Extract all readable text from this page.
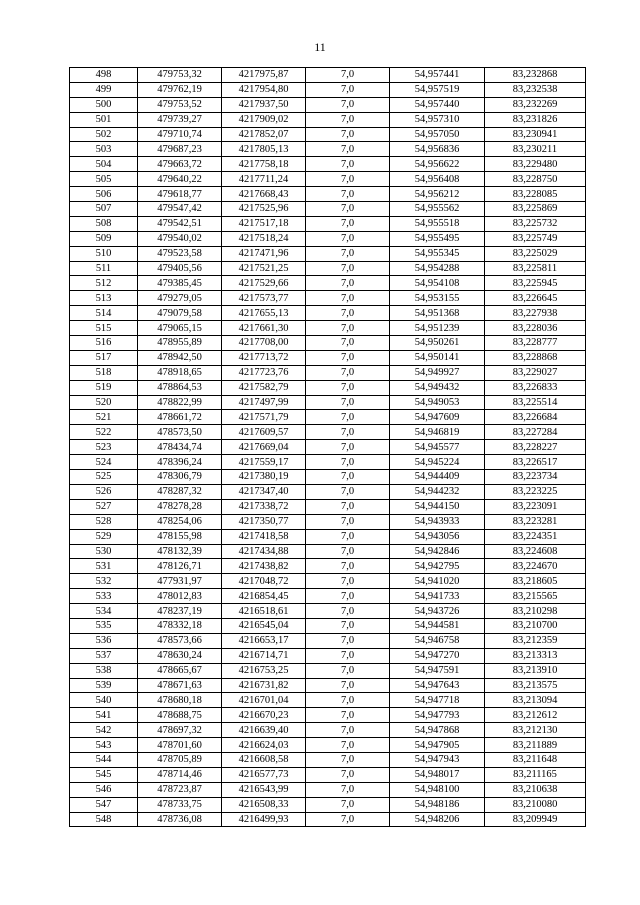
11
498	479753,32	4217975,87	7,0	54,957441	83,232868
499	479762,19	4217954,80	7,0	54,957519	83,232538
500	479753,52	4217937,50	7,0	54,957440	83,232269
501	479739,27	4217909,02	7,0	54,957310	83,231826
502	479710,74	4217852,07	7,0	54,957050	83,230941
503	479687,23	4217805,13	7,0	54,956836	83,230211
504	479663,72	4217758,18	7,0	54,956622	83,229480
505	479640,22	4217711,24	7,0	54,956408	83,228750
506	479618,77	4217668,43	7,0	54,956212	83,228085
507	479547,42	4217525,96	7,0	54,955562	83,225869
508	479542,51	4217517,18	7,0	54,955518	83,225732
509	479540,02	4217518,24	7,0	54,955495	83,225749
510	479523,58	4217471,96	7,0	54,955345	83,225029
511	479405,56	4217521,25	7,0	54,954288	83,225811
512	479385,45	4217529,66	7,0	54,954108	83,225945
513	479279,05	4217573,77	7,0	54,953155	83,226645
514	479079,58	4217655,13	7,0	54,951368	83,227938
515	479065,15	4217661,30	7,0	54,951239	83,228036
516	478955,89	4217708,00	7,0	54,950261	83,228777
517	478942,50	4217713,72	7,0	54,950141	83,228868
518	478918,65	4217723,76	7,0	54,949927	83,229027
519	478864,53	4217582,79	7,0	54,949432	83,226833
520	478822,99	4217497,99	7,0	54,949053	83,225514
521	478661,72	4217571,79	7,0	54,947609	83,226684
522	478573,50	4217609,57	7,0	54,946819	83,227284
523	478434,74	4217669,04	7,0	54,945577	83,228227
524	478396,24	4217559,17	7,0	54,945224	83,226517
525	478306,79	4217380,19	7,0	54,944409	83,223734
526	478287,32	4217347,40	7,0	54,944232	83,223225
527	478278,28	4217338,72	7,0	54,944150	83,223091
528	478254,06	4217350,77	7,0	54,943933	83,223281
529	478155,98	4217418,58	7,0	54,943056	83,224351
530	478132,39	4217434,88	7,0	54,942846	83,224608
531	478126,71	4217438,82	7,0	54,942795	83,224670
532	477931,97	4217048,72	7,0	54,941020	83,218605
533	478012,83	4216854,45	7,0	54,941733	83,215565
534	478237,19	4216518,61	7,0	54,943726	83,210298
535	478332,18	4216545,04	7,0	54,944581	83,210700
536	478573,66	4216653,17	7,0	54,946758	83,212359
537	478630,24	4216714,71	7,0	54,947270	83,213313
538	478665,67	4216753,25	7,0	54,947591	83,213910
539	478671,63	4216731,82	7,0	54,947643	83,213575
540	478680,18	4216701,04	7,0	54,947718	83,213094
541	478688,75	4216670,23	7,0	54,947793	83,212612
542	478697,32	4216639,40	7,0	54,947868	83,212130
543	478701,60	4216624,03	7,0	54,947905	83,211889
544	478705,89	4216608,58	7,0	54,947943	83,211648
545	478714,46	4216577,73	7,0	54,948017	83,211165
546	478723,87	4216543,99	7,0	54,948100	83,210638
547	478733,75	4216508,33	7,0	54,948186	83,210080
548	478736,08	4216499,93	7,0	54,948206	83,209949
